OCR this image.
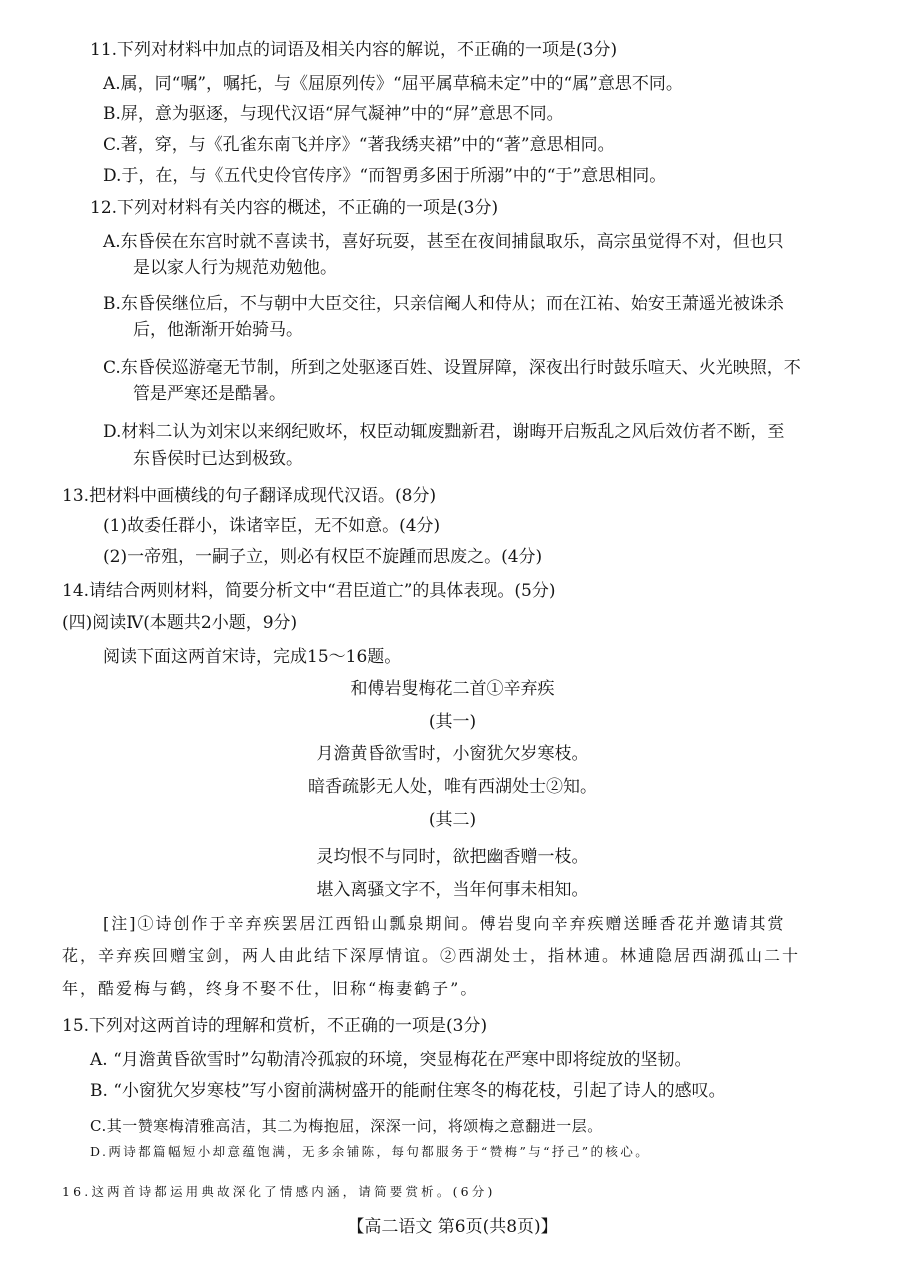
11.下列对材料中加点的词语及相关内容的解说，不正确的一项是(3分)
A.属，同“嘱”，嘱托，与《屈原列传》“屈平属草稿未定”中的“属”意思不同。
B.屏，意为驱逐，与现代汉语“屏气凝神”中的“屏”意思不同。
C.著，穿，与《孔雀东南飞并序》“著我绣夹裙”中的“著”意思相同。
D.于，在，与《五代史伶官传序》“而智勇多困于所溺”中的“于”意思相同。
12.下列对材料有关内容的概述，不正确的一项是(3分)
A.东昏侯在东宫时就不喜读书，喜好玩耍，甚至在夜间捕鼠取乐，高宗虽觉得不对，但也只
是以家人行为规范劝勉他。
B.东昏侯继位后，不与朝中大臣交往，只亲信阉人和侍从；而在江祐、始安王萧遥光被诛杀
后，他渐渐开始骑马。
C.东昏侯巡游毫无节制，所到之处驱逐百姓、设置屏障，深夜出行时鼓乐喧天、火光映照，不
管是严寒还是酷暑。
D.材料二认为刘宋以来纲纪败坏，权臣动辄废黜新君，谢晦开启叛乱之风后效仿者不断，至
东昏侯时已达到极致。
13.把材料中画横线的句子翻译成现代汉语。(8分)
(1)故委任群小，诛诸宰臣，无不如意。(4分)
(2)一帝殂，一嗣子立，则必有权臣不旋踵而思废之。(4分)
14.请结合两则材料，简要分析文中“君臣道亡”的具体表现。(5分)
(四)阅读Ⅳ(本题共2小题，9分)
阅读下面这两首宋诗，完成15～16题。
和傅岩叟梅花二首①辛弃疾
(其一)
月澹黄昏欲雪时，小窗犹欠岁寒枝。
暗香疏影无人处，唯有西湖处士②知。
(其二)
灵均恨不与同时，欲把幽香赠一枝。
堪入离骚文字不，当年何事未相知。
[注]①诗创作于辛弃疾罢居江西铅山瓢泉期间。傅岩叟向辛弃疾赠送睡香花并邀请其赏
花，辛弃疾回赠宝剑，两人由此结下深厚情谊。②西湖处士，指林逋。林逋隐居西湖孤山二十
年，酷爱梅与鹤，终身不娶不仕，旧称“梅妻鹤子”。
15.下列对这两首诗的理解和赏析，不正确的一项是(3分)
A. “月澹黄昏欲雪时”勾勒清冷孤寂的环境，突显梅花在严寒中即将绽放的坚韧。
B. “小窗犹欠岁寒枝”写小窗前满树盛开的能耐住寒冬的梅花枝，引起了诗人的感叹。
C.其一赞寒梅清雅高洁，其二为梅抱屈，深深一问，将颂梅之意翻进一层。
D.两诗都篇幅短小却意蕴饱满，无多余铺陈，每句都服务于“赞梅”与“抒己”的核心。
16.这两首诗都运用典故深化了情感内涵，请简要赏析。(6分)
【高二语文 第6页(共8页)】
